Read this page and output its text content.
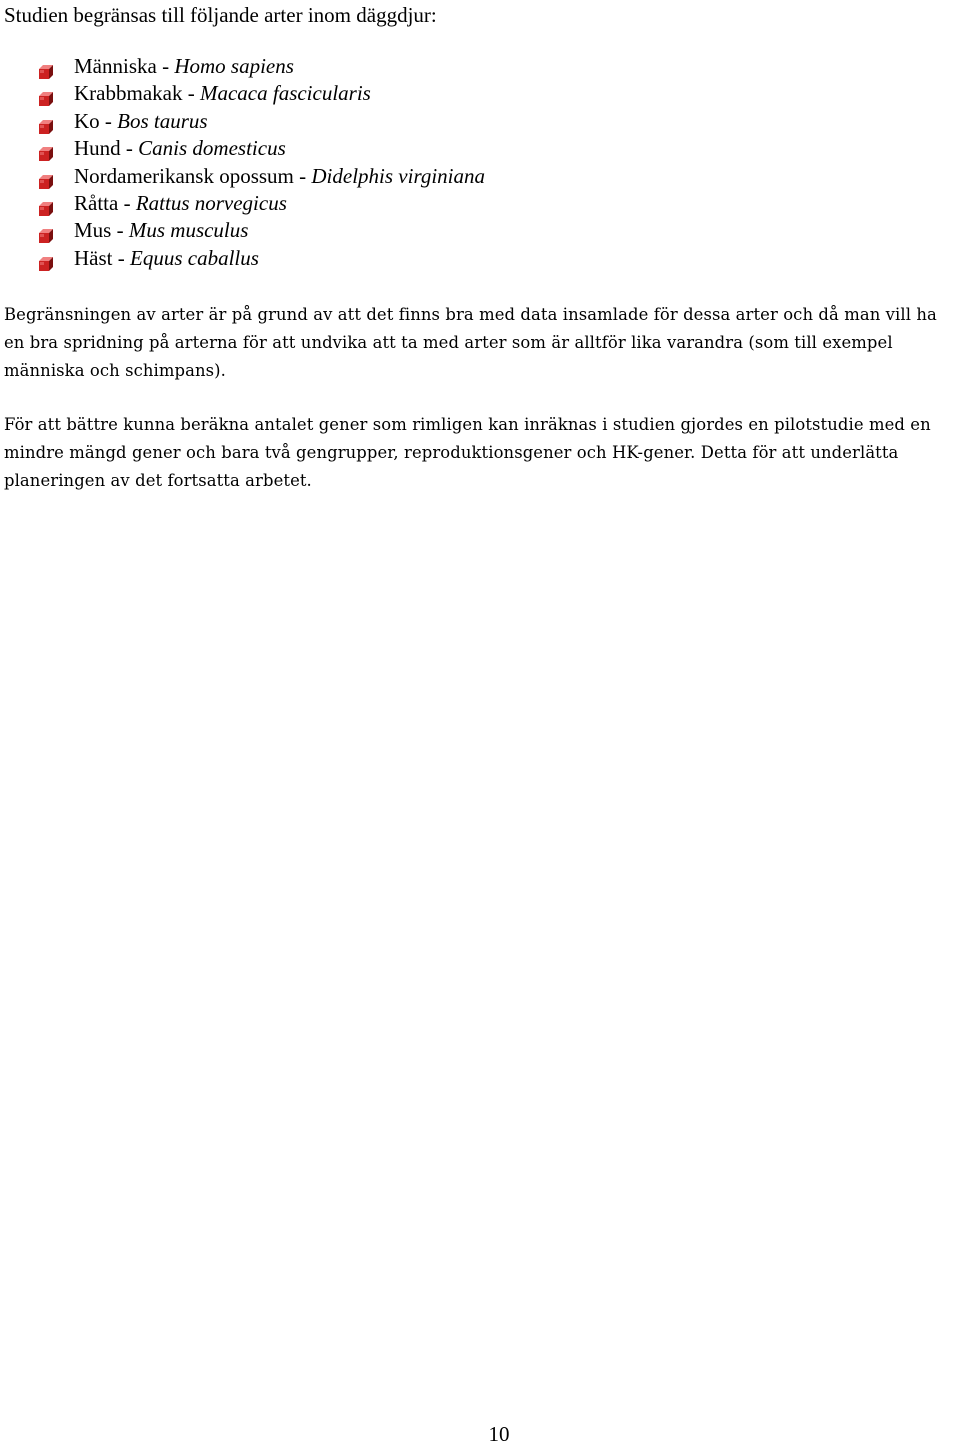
Studien begränsas till följande arter inom däggdjur:

Människa - Homo sapiens
Krabbmakak - Macaca fascicularis
Ko - Bos taurus
Hund - Canis domesticus
Nordamerikansk opossum - Didelphis virginiana
Råtta - Rattus norvegicus
Mus - Mus musculus
Häst - Equus caballus

Begränsningen av arter är på grund av att det finns bra med data insamlade för dessa arter och då man vill ha en bra spridning på arterna för att undvika att ta med arter som är alltför lika varandra (som till exempel människa och schimpans).

För att bättre kunna beräkna antalet gener som rimligen kan inräknas i studien gjordes en pilotstudie med en mindre mängd gener och bara två gengrupper, reproduktionsgener och HK-gener. Detta för att underlätta planeringen av det fortsatta arbetet.

10
